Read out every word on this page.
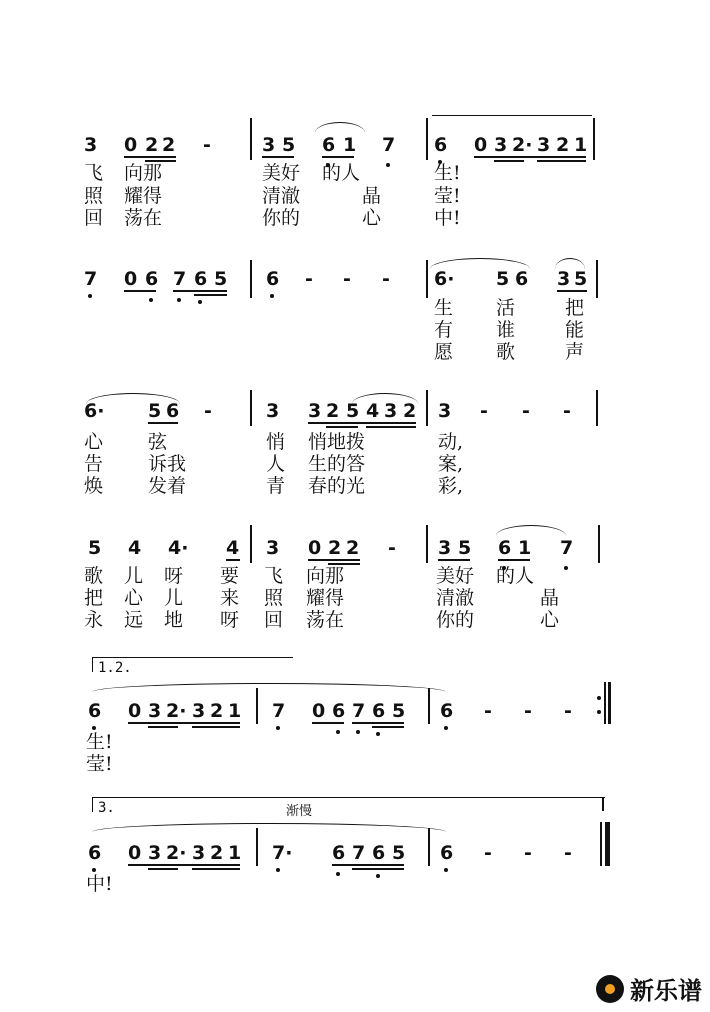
3 0 2 2 -	3 5 6 1 7 6 0 3 2· 3 2 1
飞 向那	美好 的人	生!
照 耀得	清澈	晶	莹!
回 荡在	你的	心	中!
7 0 6 7 6 5 6 - - - 6· 5 6 3 5
生 活	把
有 谁	能
愿 歌	声
6· 5 6 -	3 3 2 5 4 3 2 3 - - -
心 弦	悄 悄地拨	动,
告 诉我	人 生的答	案,
焕 发着	青 春的光	彩,
5 4 4· 4 3 0 2 2 - 3 5 6 1 7
歌 儿 呀 要 飞 向那	美好 的人
把 心 儿 来 照 耀得	清澈	晶
永 远 地 呀 回 荡在	你的	心
1.2.
6 0 3 2· 3 2 1 7 0 6 7 6 5 6 - - -
生!
莹!
3.	渐慢
6 0 3 2· 3 2 1 7· 6 7 6 5 6 - - -
中!
新乐谱
